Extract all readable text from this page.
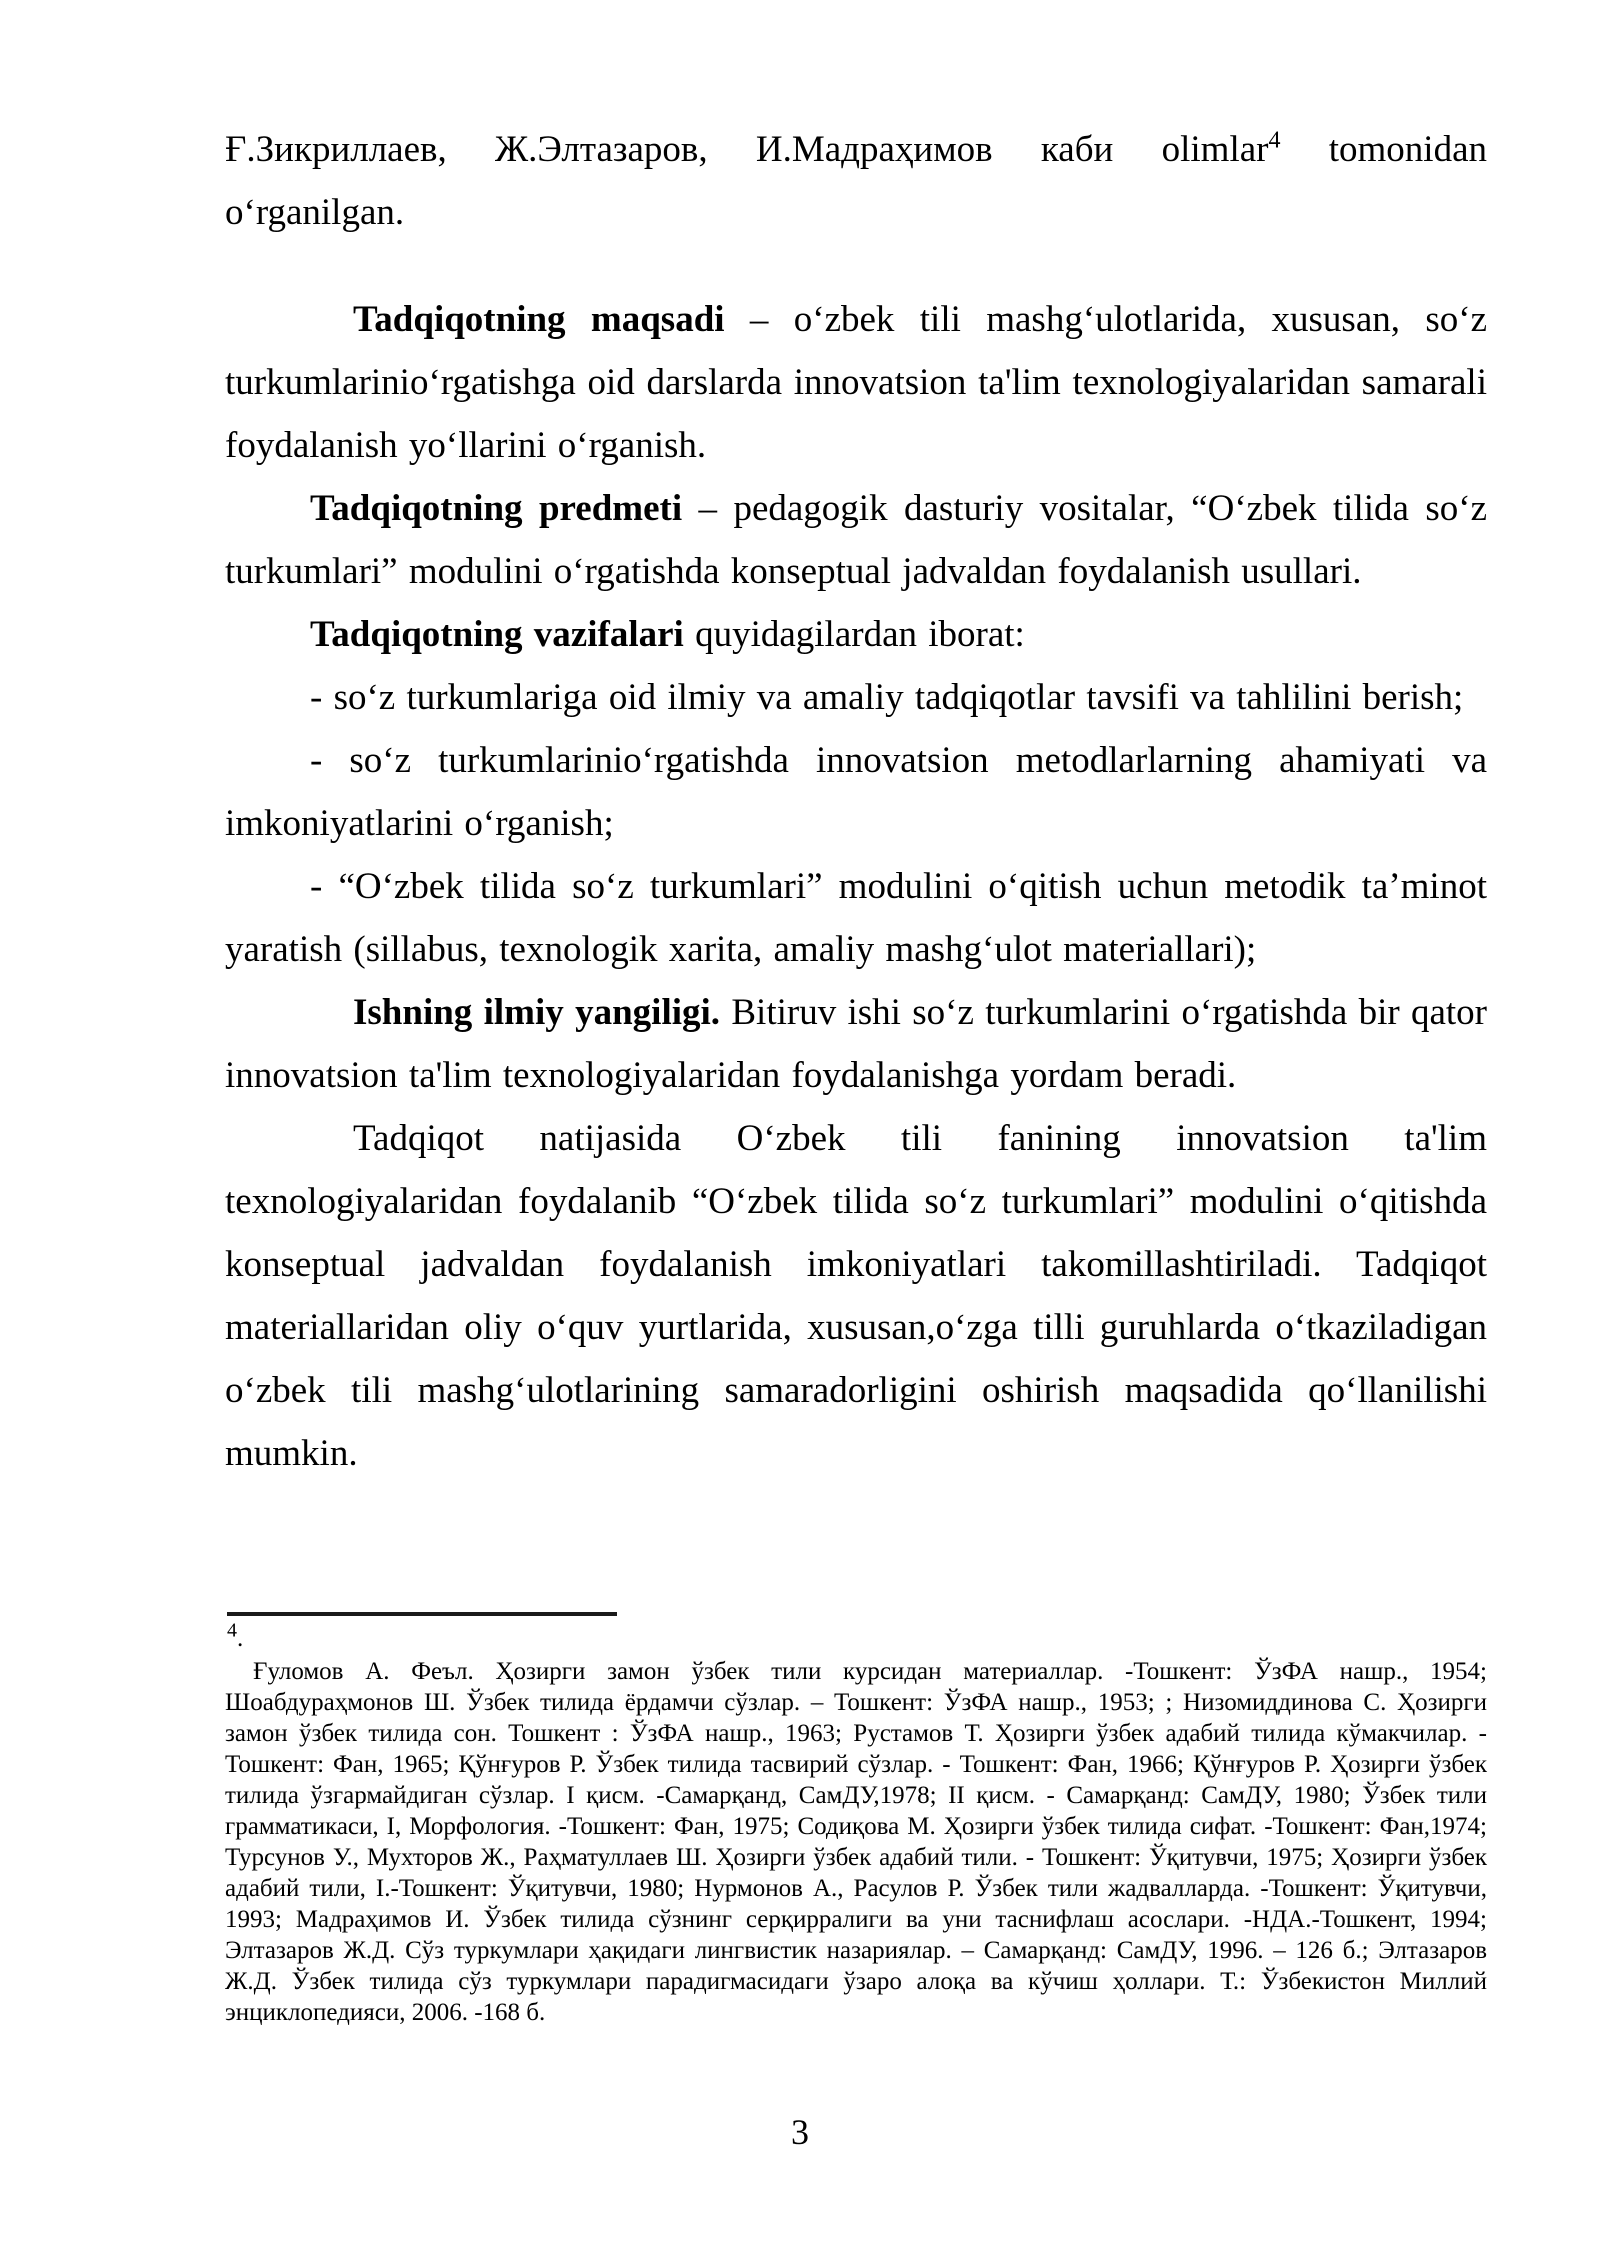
Ғ.Зикриллаев, Ж.Элтазаров, И.Мадраҳимов каби olimlar$^4$ tomonidan o‘rganilgan.

Tadqiqotning maqsadi – o‘zbek tili mashg‘ulotlarida, xususan, so‘z turkumlarinio‘rgatishga oid darslarda innovatsion ta'lim texnologiyalaridan samarali foydalanish yo‘llarini o‘rganish.

Tadqiqotning predmeti – pedagogik dasturiy vositalar, “O‘zbek tilida so‘z turkumlari” modulini o‘rgatishda konseptual jadvaldan foydalanish usullari.

Tadqiqotning vazifalari quyidagilardan iborat:

- so‘z turkumlariga oid ilmiy va amaliy tadqiqotlar tavsifi va tahlilini berish;

- so‘z turkumlarinio‘rgatishda innovatsion metodlarlarning ahamiyati va imkoniyatlarini o‘rganish;

- “O‘zbek tilida so‘z turkumlari” modulini o‘qitish uchun metodik ta’minot yaratish (sillabus, texnologik xarita, amaliy mashg‘ulot materiallari);

Ishning ilmiy yangiligi. Bitiruv ishi so‘z turkumlarini o‘rgatishda bir qator innovatsion ta'lim texnologiyalaridan foydalanishga yordam beradi.

Tadqiqot natijasida O‘zbek tili fanining innovatsion ta'lim texnologiyalaridan foydalanib “O‘zbek tilida so‘z turkumlari” modulini o‘qitishda konseptual jadvaldan foydalanish imkoniyatlari takomillashtiriladi. Tadqiqot materiallaridan oliy o‘quv yurtlarida, xususan,o‘zga tilli guruhlarda o‘tkaziladigan o‘zbek tili mashg‘ulotlarining samaradorligini oshirish maqsadida qo‘llanilishi mumkin.

$^4$.

Ғуломов А. Феъл. Ҳозирги замон ўзбек тили курсидан материаллар. -Тошкент: ЎзФА нашр., 1954; Шоабдураҳмонов Ш. Ўзбек тилида ёрдамчи сўзлар. – Тошкент: ЎзФА нашр., 1953; ; Низомиддинова С. Ҳозирги замон ўзбек тилида сон. Тошкент : ЎзФА нашр., 1963; Рустамов Т. Ҳозирги ўзбек адабий тилида кўмакчилар. - Тошкент: Фан, 1965; Қўнғуров Р. Ўзбек тилида тасвирий сўзлар. - Тошкент: Фан, 1966; Қўнғуров Р. Ҳозирги ўзбек тилида ўзгармайдиган сўзлар. I қисм. -Самарқанд, СамДУ,1978; II қисм. - Самарқанд: СамДУ, 1980; Ўзбек тили грамматикаси, I, Морфология. -Тошкент: Фан, 1975; Содиқова М. Ҳозирги ўзбек тилида сифат. -Тошкент: Фан,1974; Турсунов У., Мухторов Ж., Раҳматуллаев Ш. Ҳозирги ўзбек адабий тили. - Тошкент: Ўқитувчи, 1975; Ҳозирги ўзбек адабий тили, I.-Тошкент: Ўқитувчи, 1980; Нурмонов А., Расулов Р. Ўзбек тили жадвалларда. -Тошкент: Ўқитувчи, 1993; Мадраҳимов И. Ўзбек тилида сўзнинг серқирралиги ва уни таснифлаш асослари. -НДА.-Тошкент, 1994; Элтазаров Ж.Д. Сўз туркумлари ҳақидаги лингвистик назариялар. – Самарқанд: СамДУ, 1996. – 126 б.; Элтазаров Ж.Д. Ўзбек тилида сўз туркумлари парадигмасидаги ўзаро алоқа ва кўчиш ҳоллари. Т.: Ўзбекистон Миллий энциклопедияси, 2006. -168 б.

3
